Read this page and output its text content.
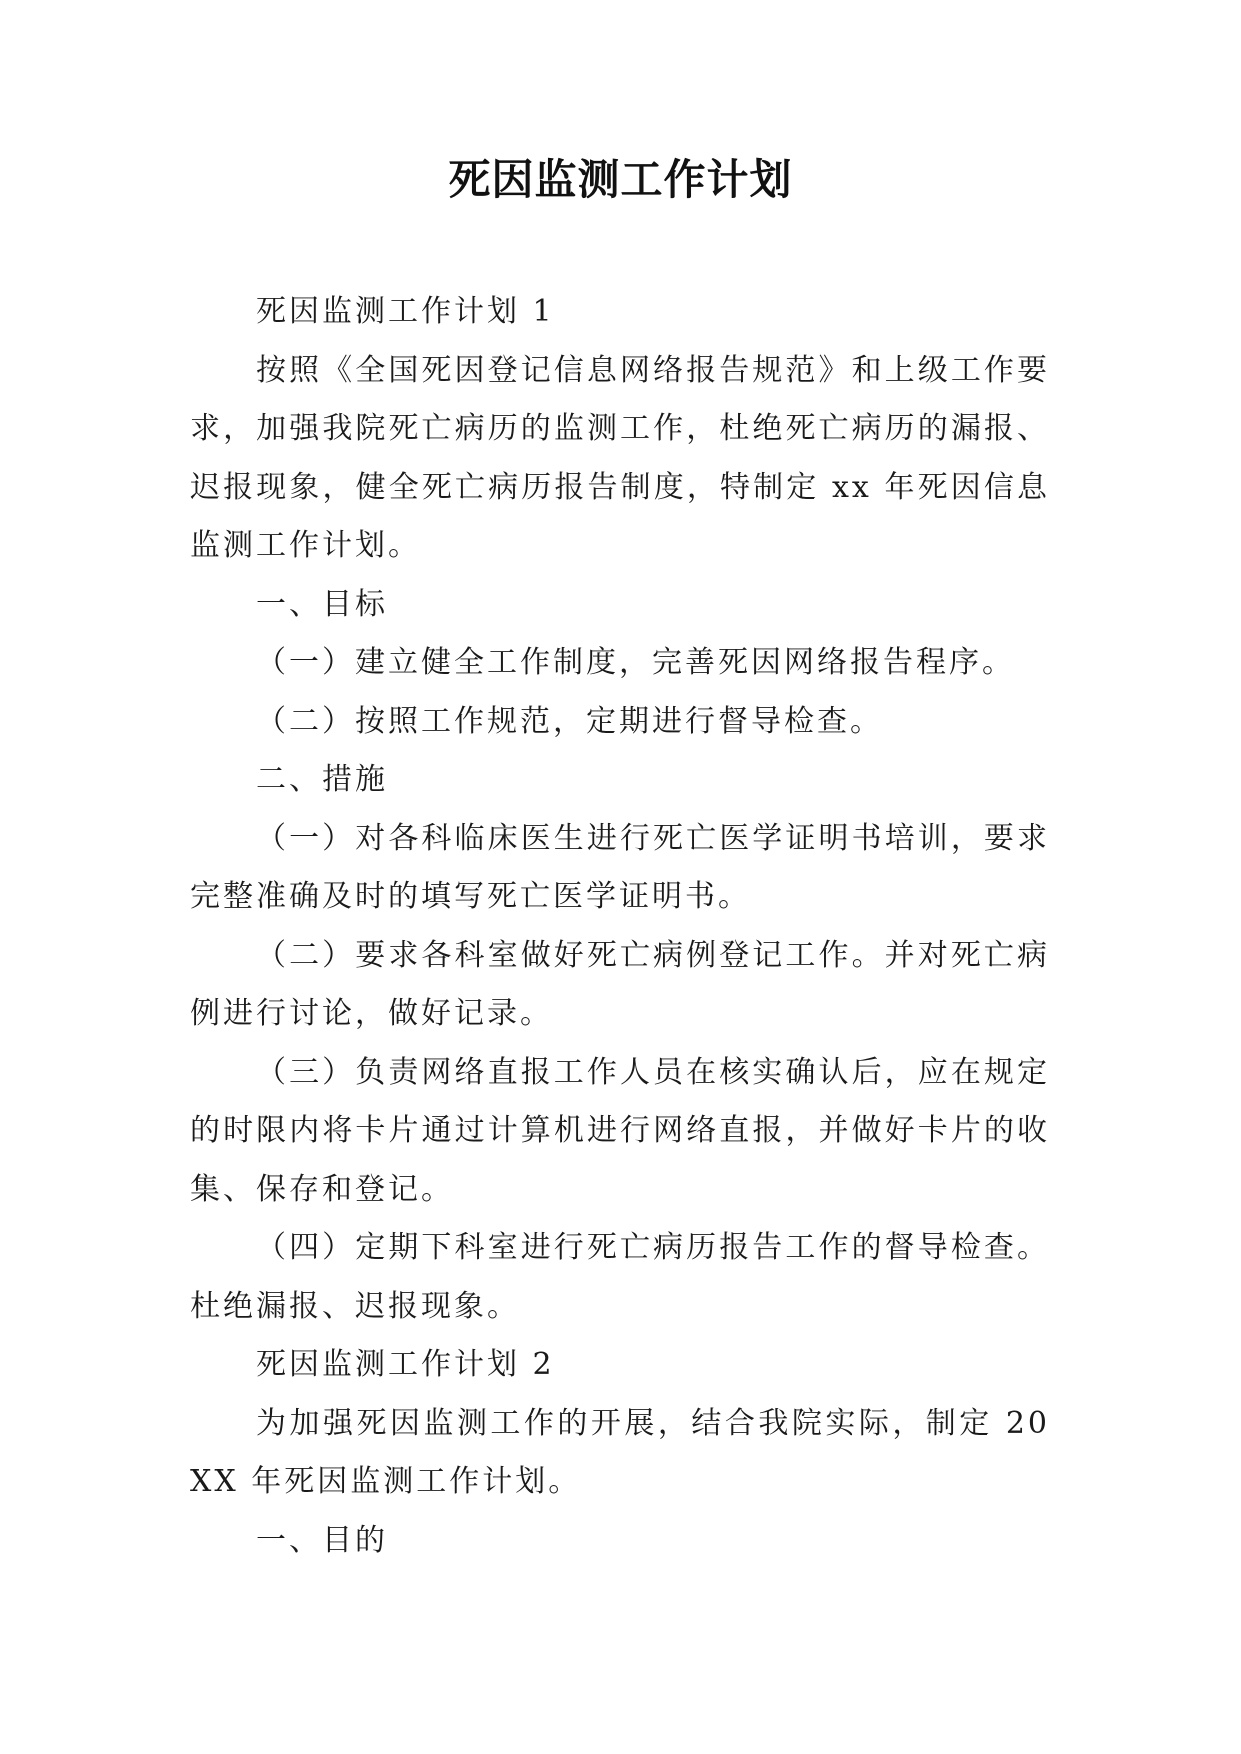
死因监测工作计划

死因监测工作计划 1

按照《全国死因登记信息网络报告规范》和上级工作要求，加强我院死亡病历的监测工作，杜绝死亡病历的漏报、迟报现象，健全死亡病历报告制度，特制定 xx 年死因信息监测工作计划。

一、目标

（一）建立健全工作制度，完善死因网络报告程序。

（二）按照工作规范，定期进行督导检查。

二、措施

（一）对各科临床医生进行死亡医学证明书培训，要求完整准确及时的填写死亡医学证明书。

（二）要求各科室做好死亡病例登记工作。并对死亡病例进行讨论，做好记录。

（三）负责网络直报工作人员在核实确认后，应在规定的时限内将卡片通过计算机进行网络直报，并做好卡片的收集、保存和登记。

（四）定期下科室进行死亡病历报告工作的督导检查。杜绝漏报、迟报现象。

死因监测工作计划 2

为加强死因监测工作的开展，结合我院实际，制定 20XX 年死因监测工作计划。

一、目的
